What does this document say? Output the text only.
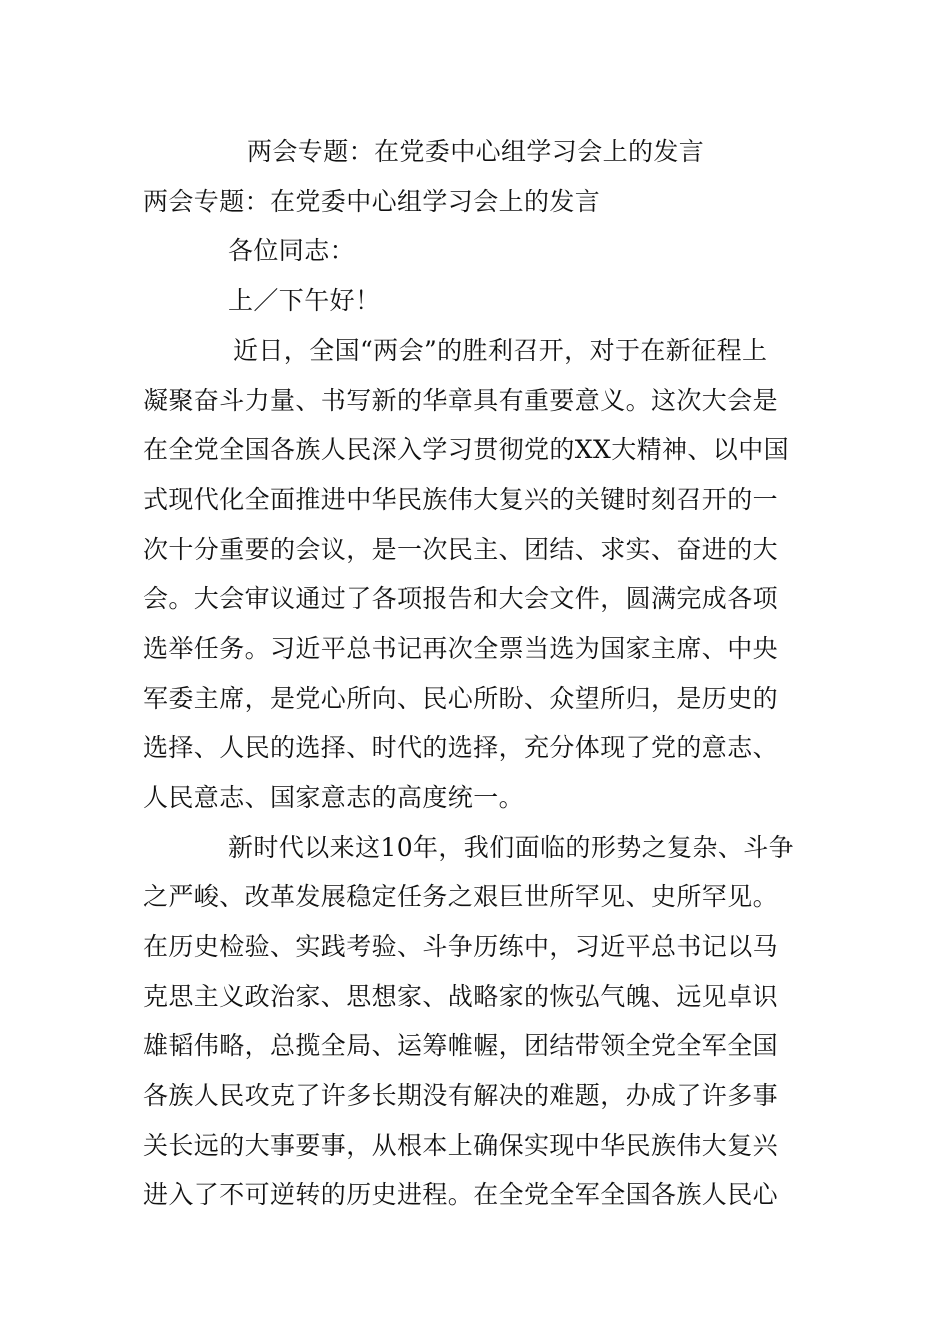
两会专题：在党委中心组学习会上的发言
两会专题：在党委中心组学习会上的发言
各位同志：
上／下午好！
近日，全国“两会”的胜利召开，对于在新征程上
凝聚奋斗力量、书写新的华章具有重要意义。这次大会是
在全党全国各族人民深入学习贯彻党的XX大精神、以中国
式现代化全面推进中华民族伟大复兴的关键时刻召开的一
次十分重要的会议，是一次民主、团结、求实、奋进的大
会。大会审议通过了各项报告和大会文件，圆满完成各项
选举任务。习近平总书记再次全票当选为国家主席、中央
军委主席，是党心所向、民心所盼、众望所归，是历史的
选择、人民的选择、时代的选择，充分体现了党的意志、
人民意志、国家意志的高度统一。
新时代以来这10年，我们面临的形势之复杂、斗争
之严峻、改革发展稳定任务之艰巨世所罕见、史所罕见。
在历史检验、实践考验、斗争历练中，习近平总书记以马
克思主义政治家、思想家、战略家的恢弘气魄、远见卓识
雄韬伟略，总揽全局、运筹帷幄，团结带领全党全军全国
各族人民攻克了许多长期没有解决的难题，办成了许多事
关长远的大事要事，从根本上确保实现中华民族伟大复兴
进入了不可逆转的历史进程。在全党全军全国各族人民心
